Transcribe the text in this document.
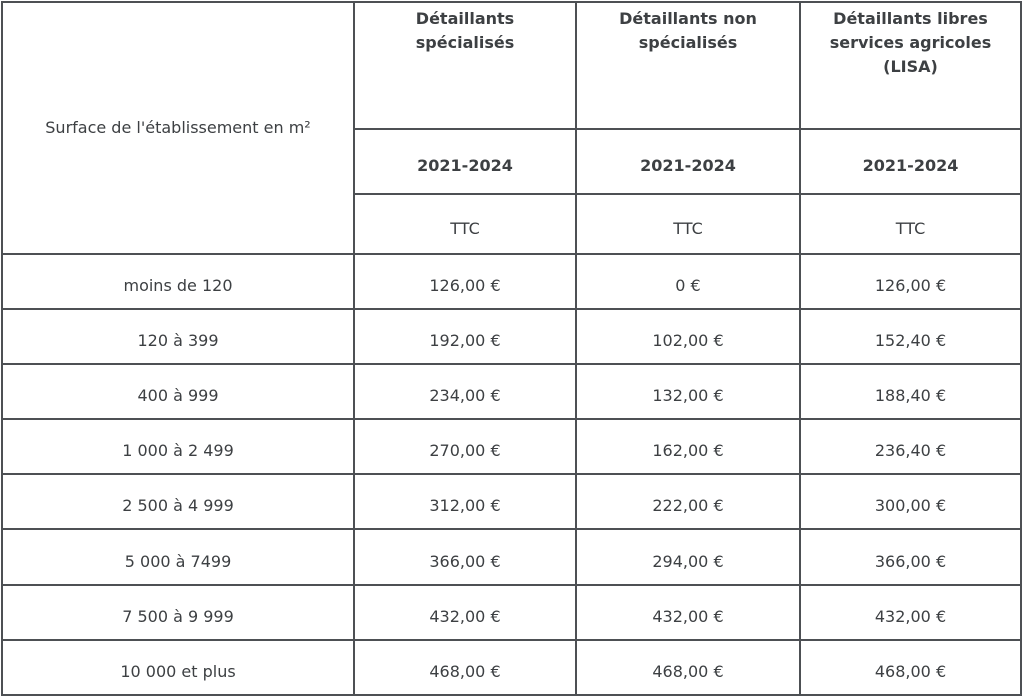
Surface de l'établissement en m²	Détaillants spécialisés	Détaillants non spécialisés	Détaillants libres services agricoles (LISA)
	2021-2024	2021-2024	2021-2024
	TTC	TTC	TTC
moins de 120	126,00 €	0 €	126,00 €
120 à 399	192,00 €	102,00 €	152,40 €
400 à 999	234,00 €	132,00 €	188,40 €
1 000 à 2 499	270,00 €	162,00 €	236,40 €
2 500 à 4 999	312,00 €	222,00 €	300,00 €
5 000 à 7499	366,00 €	294,00 €	366,00 €
7 500 à 9 999	432,00 €	432,00 €	432,00 €
10 000 et plus	468,00 €	468,00 €	468,00 €
